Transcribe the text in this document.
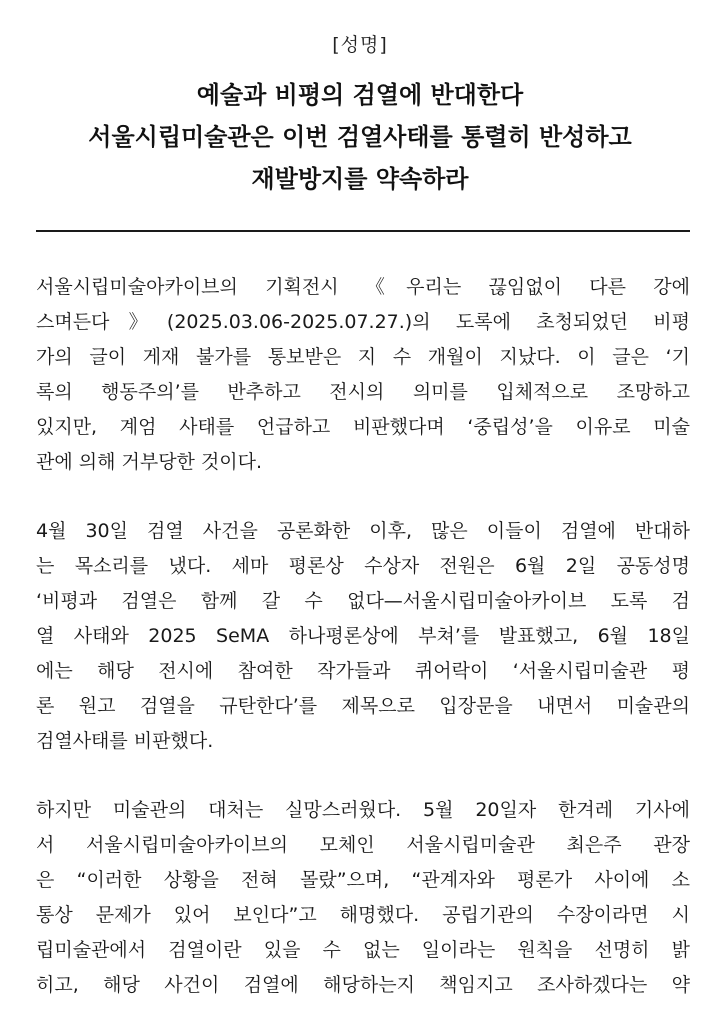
[성명]
예술과 비평의 검열에 반대한다
서울시립미술관은 이번 검열사태를 통렬히 반성하고
재발방지를 약속하라
서울시립미술아카이브의 기획전시 《우리는 끊임없이 다른 강에
스며든다》(2025.03.06-2025.07.27.)의 도록에 초청되었던 비평
가의 글이 게재 불가를 통보받은 지 수 개월이 지났다. 이 글은 ‘기
록의 행동주의’를 반추하고 전시의 의미를 입체적으로 조망하고
있지만, 계엄 사태를 언급하고 비판했다며 ‘중립성’을 이유로 미술
관에 의해 거부당한 것이다.
4월 30일 검열 사건을 공론화한 이후, 많은 이들이 검열에 반대하
는 목소리를 냈다. 세마 평론상 수상자 전원은 6월 2일 공동성명
‘비평과 검열은 함께 갈 수 없다—서울시립미술아카이브 도록 검
열 사태와 2025 SeMA 하나평론상에 부쳐’를 발표했고, 6월 18일
에는 해당 전시에 참여한 작가들과 퀴어락이 ‘서울시립미술관 평
론 원고 검열을 규탄한다’를 제목으로 입장문을 내면서 미술관의
검열사태를 비판했다.
하지만 미술관의 대처는 실망스러웠다. 5월 20일자 한겨레 기사에
서 서울시립미술아카이브의 모체인 서울시립미술관 최은주 관장
은 “이러한 상황을 전혀 몰랐”으며, “관계자와 평론가 사이에 소
통상 문제가 있어 보인다”고 해명했다. 공립기관의 수장이라면 시
립미술관에서 검열이란 있을 수 없는 일이라는 원칙을 선명히 밝
히고, 해당 사건이 검열에 해당하는지 책임지고 조사하겠다는 약
